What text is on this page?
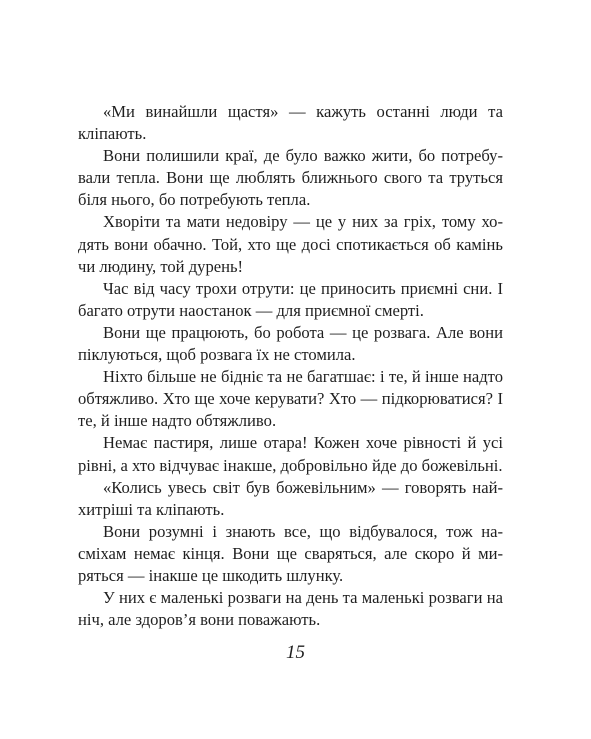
«Ми винайшли щастя» — кажуть останні люди та кліпають.

Вони полишили краї, де було важко жити, бо потребували тепла. Вони ще люблять ближнього свого та труться біля нього, бо потребують тепла.

Хворіти та мати недовіру — це у них за гріх, тому ходять вони обачно. Той, хто ще досі спотикається об камінь чи людину, той дурень!

Час від часу трохи отрути: це приносить приємні сни. І багато отрути наостанок — для приємної смерті.

Вони ще працюють, бо робота — це розвага. Але вони піклуються, щоб розвага їх не стомила.

Ніхто більше не бідніє та не багатшає: і те, й інше надто обтяжливо. Хто ще хоче керувати? Хто — підкорюватися? І те, й інше надто обтяжливо.

Немає пастиря, лише отара! Кожен хоче рівності й усі рівні, а хто відчуває інакше, добровільно йде до божевільні.

«Колись увесь світ був божевільним» — говорять найхитріші та кліпають.

Вони розумні і знають все, що відбувалося, тож насміхам немає кінця. Вони ще сваряться, але скоро й миряться — інакше це шкодить шлунку.

У них є маленькі розваги на день та маленькі розваги на ніч, але здоров’я вони поважають.

15
